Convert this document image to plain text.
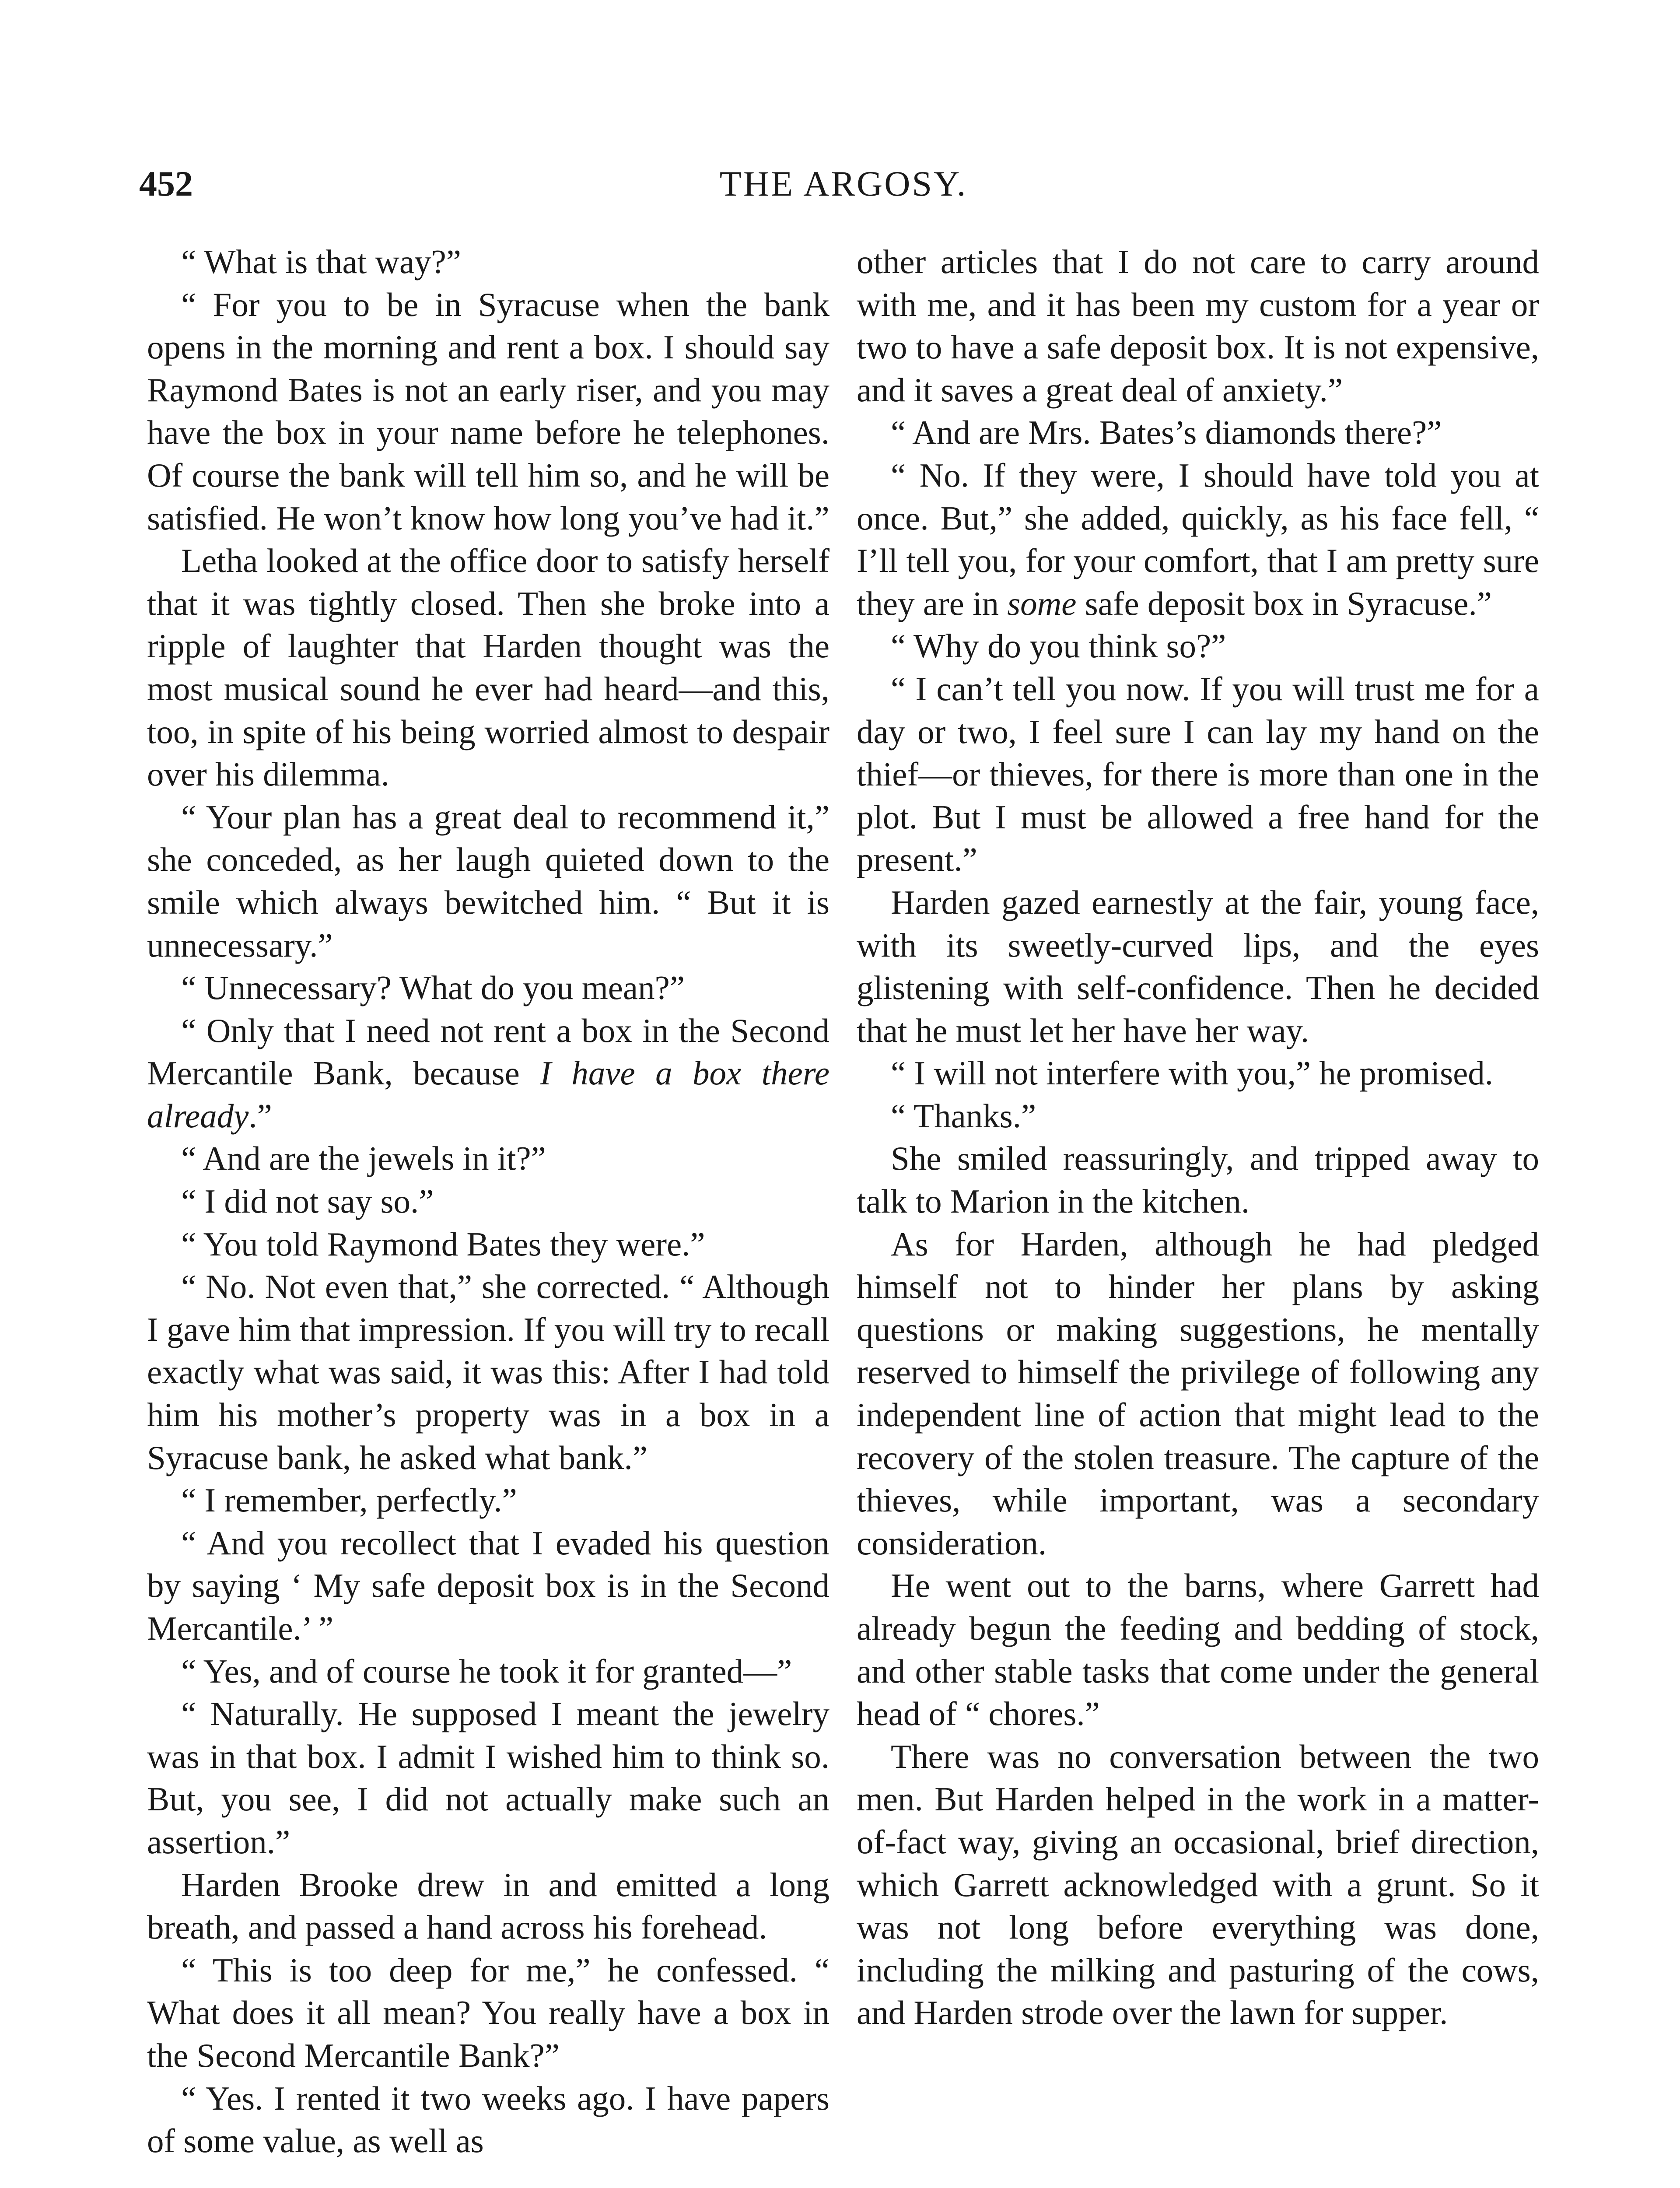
452	THE ARGOSY.

“ What is that way?”

“ For you to be in Syracuse when the bank opens in the morning and rent a box. I should say Raymond Bates is not an early riser, and you may have the box in your name before he telephones. Of course the bank will tell him so, and he will be satisfied. He won’t know how long you’ve had it.”

Letha looked at the office door to satisfy herself that it was tightly closed. Then she broke into a ripple of laughter that Harden thought was the most musical sound he ever had heard—and this, too, in spite of his being worried almost to despair over his dilemma.

“ Your plan has a great deal to recommend it,” she conceded, as her laugh quieted down to the smile which always bewitched him. “ But it is unnecessary.”

“ Unnecessary? What do you mean?”

“ Only that I need not rent a box in the Second Mercantile Bank, because I have a box there already.”

“ And are the jewels in it?”

“ I did not say so.”

“ You told Raymond Bates they were.”

“ No. Not even that,” she corrected. “ Although I gave him that impression. If you will try to recall exactly what was said, it was this: After I had told him his mother’s property was in a box in a Syracuse bank, he asked what bank.”

“ I remember, perfectly.”

“ And you recollect that I evaded his question by saying ‘ My safe deposit box is in the Second Mercantile.’ ”

“ Yes, and of course he took it for granted—”

“ Naturally. He supposed I meant the jewelry was in that box. I admit I wished him to think so. But, you see, I did not actually make such an assertion.”

Harden Brooke drew in and emitted a long breath, and passed a hand across his forehead.

“ This is too deep for me,” he confessed. “ What does it all mean? You really have a box in the Second Mercantile Bank?”

“ Yes. I rented it two weeks ago. I have papers of some value, as well as

other articles that I do not care to carry around with me, and it has been my custom for a year or two to have a safe deposit box. It is not expensive, and it saves a great deal of anxiety.”

“ And are Mrs. Bates’s diamonds there?”

“ No. If they were, I should have told you at once. But,” she added, quickly, as his face fell, “ I’ll tell you, for your comfort, that I am pretty sure they are in some safe deposit box in Syracuse.”

“ Why do you think so?”

“ I can’t tell you now. If you will trust me for a day or two, I feel sure I can lay my hand on the thief—or thieves, for there is more than one in the plot. But I must be allowed a free hand for the present.”

Harden gazed earnestly at the fair, young face, with its sweetly-curved lips, and the eyes glistening with self-confidence. Then he decided that he must let her have her way.

“ I will not interfere with you,” he promised.

“ Thanks.”

She smiled reassuringly, and tripped away to talk to Marion in the kitchen.

As for Harden, although he had pledged himself not to hinder her plans by asking questions or making suggestions, he mentally reserved to himself the privilege of following any independent line of action that might lead to the recovery of the stolen treasure. The capture of the thieves, while important, was a secondary consideration.

He went out to the barns, where Garrett had already begun the feeding and bedding of stock, and other stable tasks that come under the general head of “ chores.”

There was no conversation between the two men. But Harden helped in the work in a matter-of-fact way, giving an occasional, brief direction, which Garrett acknowledged with a grunt. So it was not long before everything was done, including the milking and pasturing of the cows, and Harden strode over the lawn for supper.
